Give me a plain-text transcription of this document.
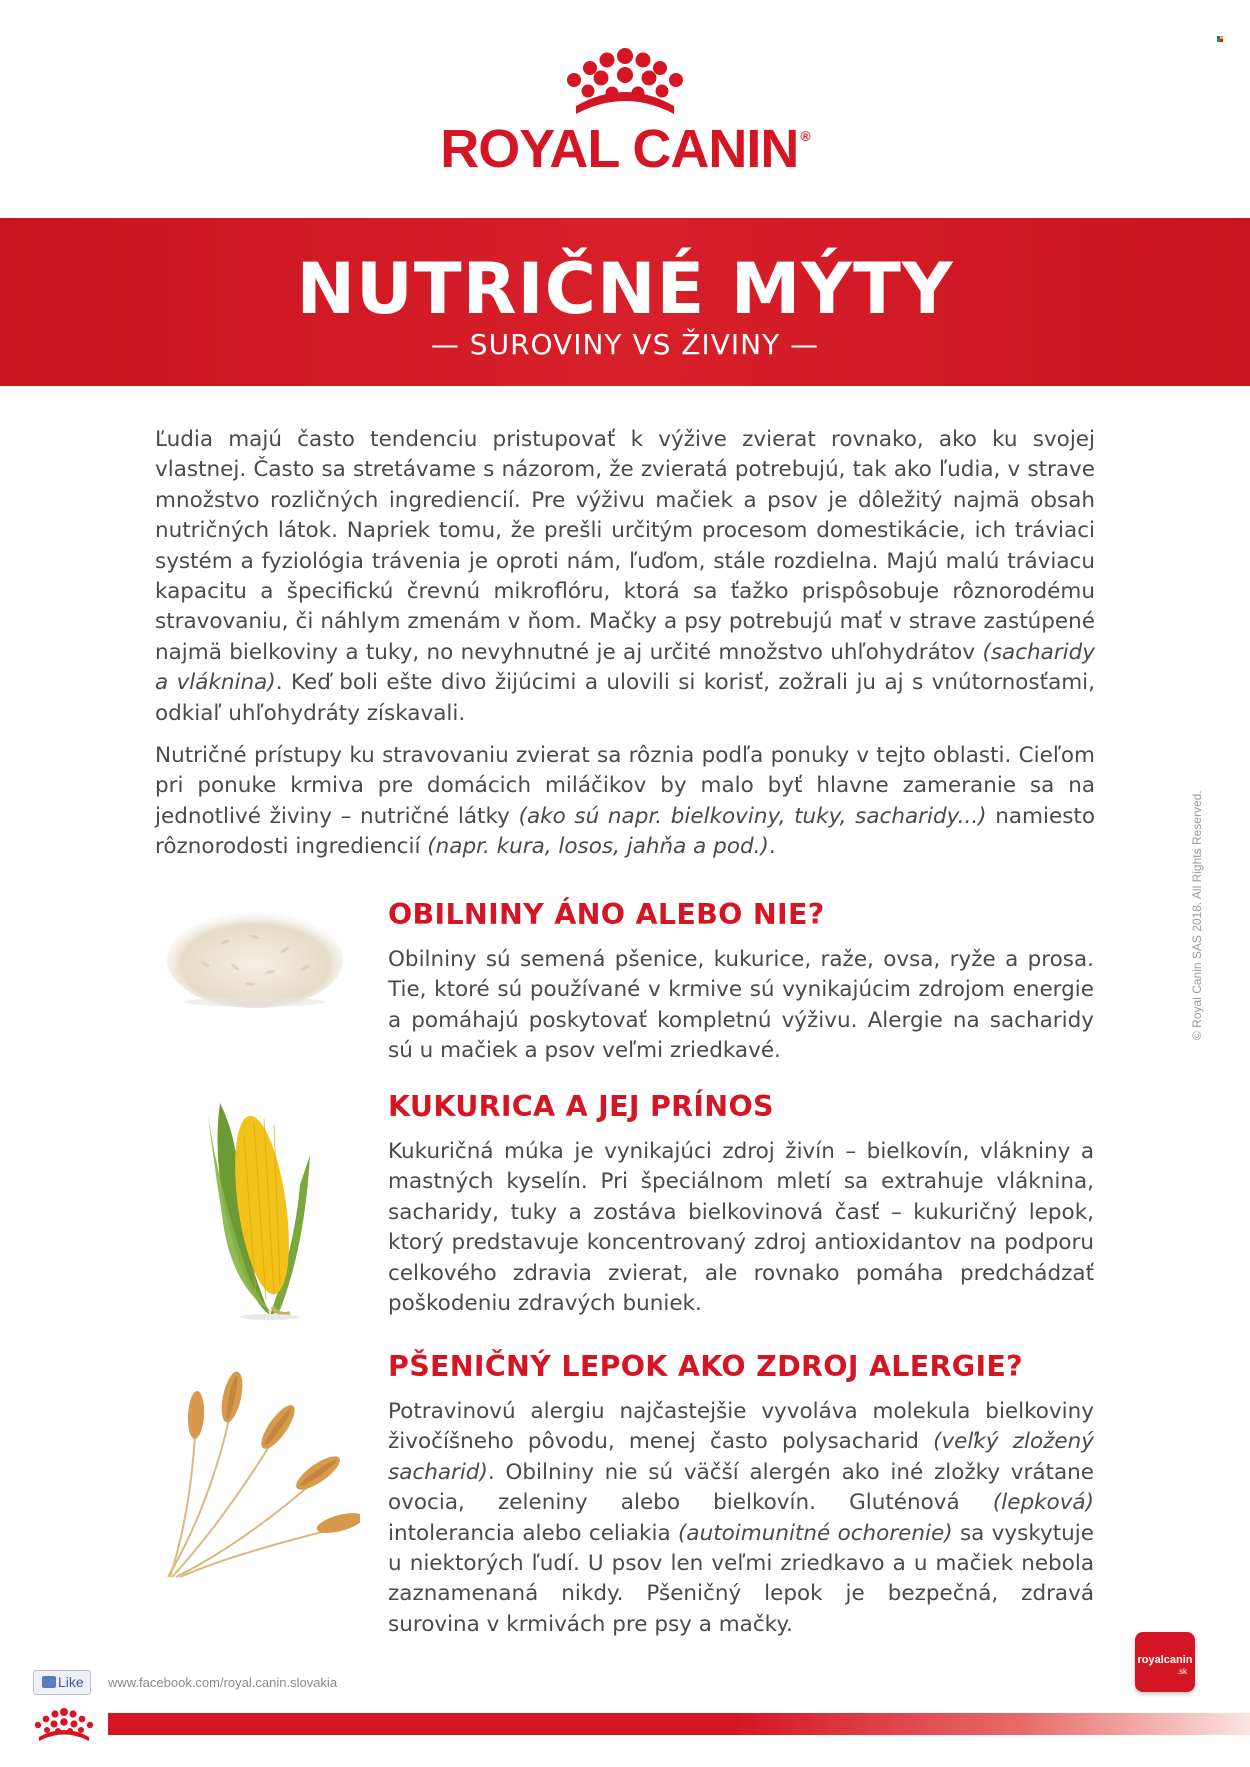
ROYAL CANIN ®
NUTRIČNÉ MÝTY
— SUROVINY VS ŽIVINY —

Ľudia majú často tendenciu pristupovať k výžive zvierat rovnako, ako ku svojej vlastnej. Často sa stretávame s názorom, že zvieratá potrebujú, tak ako ľudia, v strave množstvo rozličných ingrediencií. Pre výživu mačiek a psov je dôležitý najmä obsah nutričných látok. Napriek tomu, že prešli určitým procesom domestikácie, ich tráviaci systém a fyziológia trávenia je oproti nám, ľuďom, stále rozdielna. Majú malú tráviacu kapacitu a špecifickú črevnú mikroflóru, ktorá sa ťažko prispôsobuje rôznorodému stravovaniu, či náhlym zmenám v ňom. Mačky a psy potrebujú mať v strave zastúpené najmä bielkoviny a tuky, no nevyhnutné je aj určité množstvo uhľohydrátov (sacharidy a vláknina). Keď boli ešte divo žijúcimi a ulovili si korisť, zožrali ju aj s vnútornosťami, odkiaľ uhľohydráty získavali.

Nutričné prístupy ku stravovaniu zvierat sa rôznia podľa ponuky v tejto oblasti. Cieľom pri ponuke krmiva pre domácich miláčikov by malo byť hlavne zameranie sa na jednotlivé živiny – nutričné látky (ako sú napr. bielkoviny, tuky, sacharidy...) namiesto rôznorodosti ingrediencií (napr. kura, losos, jahňa a pod.).

OBILNINY ÁNO ALEBO NIE?

Obilniny sú semená pšenice, kukurice, raže, ovsa, ryže a prosa. Tie, ktoré sú používané v krmive sú vynikajúcim zdrojom energie a pomáhajú poskytovať kompletnú výživu. Alergie na sacharidy sú u mačiek a psov veľmi zriedkavé.

KUKURICA A JEJ PRÍNOS

Kukuričná múka je vynikajúci zdroj živín – bielkovín, vlákniny a mastných kyselín. Pri špeciálnom mletí sa extrahuje vláknina, sacharidy, tuky a zostáva bielkovinová časť – kukuričný lepok, ktorý predstavuje koncentrovaný zdroj antioxidantov na podporu celkového zdravia zvierat, ale rovnako pomáha predchádzať poškodeniu zdravých buniek.

PŠENIČNÝ LEPOK AKO ZDROJ ALERGIE?

Potravinovú alergiu najčastejšie vyvoláva molekula bielkoviny živočíšneho pôvodu, menej často polysacharid (veľký zložený sacharid). Obilniny nie sú väčší alergén ako iné zložky vrátane ovocia, zeleniny alebo bielkovín. Gluténová (lepková) intolerancia alebo celiakia (autoimunitné ochorenie) sa vyskytuje u niektorých ľudí. U psov len veľmi zriedkavo a u mačiek nebola zaznamenaná nikdy. Pšeničný lepok je bezpečná, zdravá surovina v krmivách pre psy a mačky.

© Royal Canin SAS 2018. All Rights Reserved.
Like	www.facebook.com/royal.canin.slovakia
royalcanin
.sk
